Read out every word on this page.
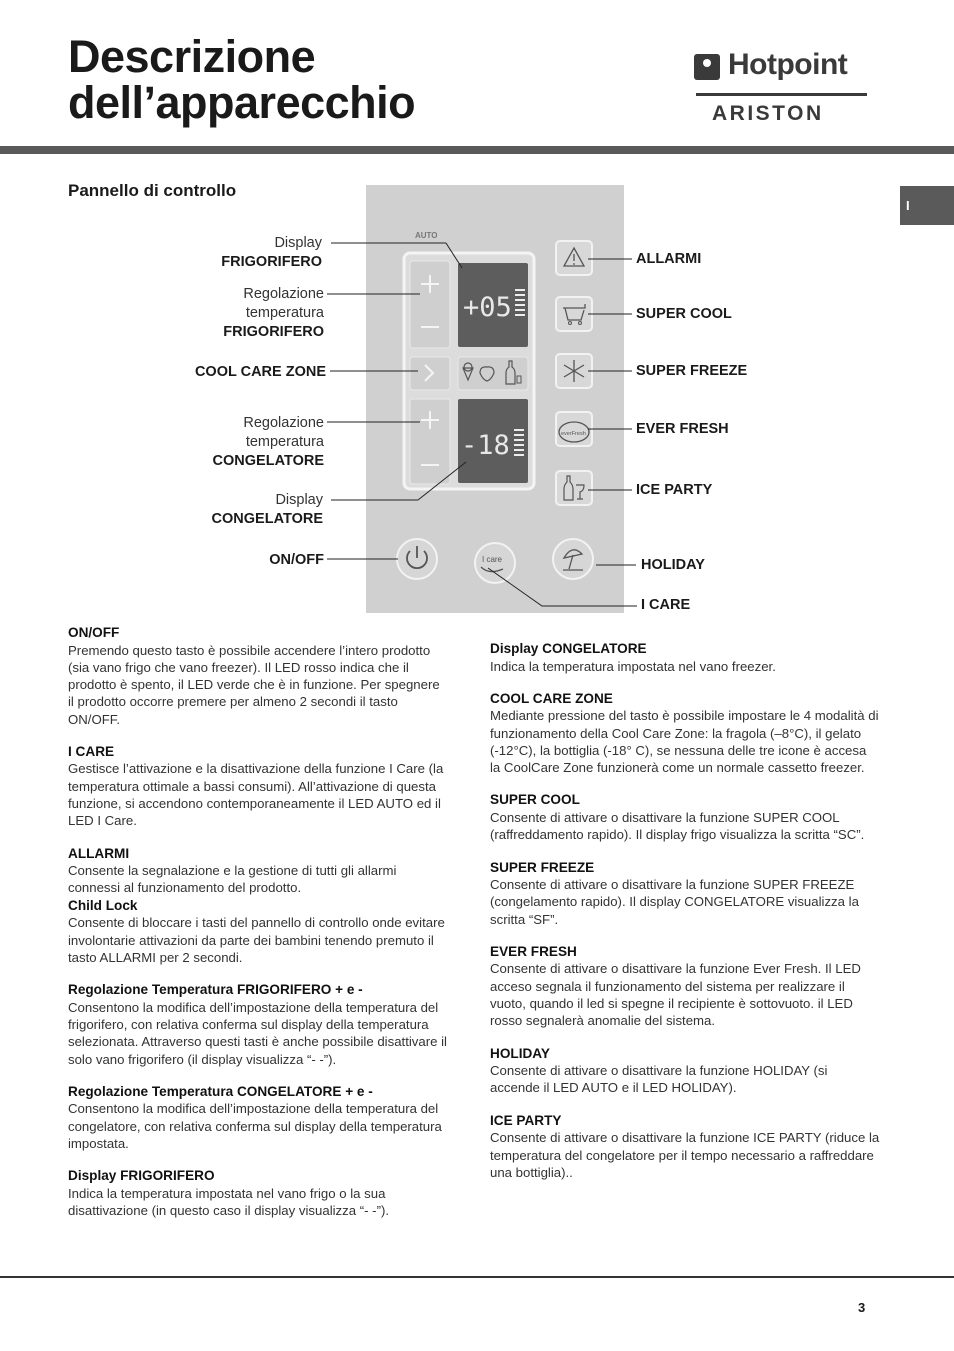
Descrizione
dell’apparecchio
Hotpoint
ARISTON
I
Pannello di controllo
AUTO
+05
-18	everFresh
I care
Display
FRIGORIFERO
Regolazione
temperatura
FRIGORIFERO
COOL CARE ZONE
Regolazione
temperatura
CONGELATORE
Display
CONGELATORE
ON/OFF
ALLARMI
SUPER COOL
SUPER FREEZE
EVER FRESH
ICE PARTY
HOLIDAY
I CARE
ON/OFF

Premendo questo tasto è possibile accendere l’intero prodotto (sia vano frigo che vano freezer). Il LED rosso indica che il prodotto è spento, il LED verde che è in funzione. Per spegnere il prodotto occorre premere per almeno 2 secondi il tasto ON/OFF.

I CARE

Gestisce l’attivazione e la disattivazione della funzione I Care (la temperatura ottimale a bassi consumi). All’attivazione di questa funzione, si accendono contemporaneamente il LED AUTO ed il LED I Care.

ALLARMI

Consente la segnalazione e la gestione di tutti gli allarmi connessi al funzionamento del prodotto.

Child Lock

Consente di bloccare i tasti del pannello di controllo onde evitare involontarie attivazioni da parte dei bambini tenendo premuto il tasto ALLARMI per 2 secondi.

Regolazione Temperatura FRIGORIFERO + e -

Consentono la modifica dell’impostazione della temperatura del frigorifero, con relativa conferma sul display della temperatura selezionata. Attraverso questi tasti è anche possibile disattivare il solo vano frigorifero (il display visualizza “- -”).

Regolazione Temperatura CONGELATORE + e -

Consentono la modifica dell’impostazione della temperatura del congelatore, con relativa conferma sul display della temperatura impostata.

Display FRIGORIFERO

Indica la temperatura impostata nel vano frigo o la sua disattivazione (in questo caso il display visualizza “- -”).

Display CONGELATORE

Indica la temperatura impostata nel vano freezer.

COOL CARE ZONE

Mediante pressione del tasto è possibile impostare le 4 modalità di funzionamento della Cool Care Zone: la fragola (–8°C), il gelato (-12°C), la bottiglia (-18° C), se nessuna delle tre icone è accesa la CoolCare Zone funzionerà come un normale cassetto freezer.

SUPER COOL

Consente di attivare o disattivare la funzione SUPER COOL (raffreddamento rapido). Il display frigo visualizza la scritta “SC”.

SUPER FREEZE

Consente di attivare o disattivare la funzione SUPER FREEZE (congelamento rapido). Il display CONGELATORE visualizza la scritta “SF”.

EVER FRESH

Consente di attivare o disattivare la funzione Ever Fresh. Il LED acceso segnala il funzionamento del sistema per realizzare il vuoto, quando il led si spegne il recipiente è sottovuoto. il LED rosso segnalerà anomalie del sistema.

HOLIDAY

Consente di attivare o disattivare la funzione HOLIDAY (si accende il LED AUTO e il LED HOLIDAY).

ICE PARTY

Consente di attivare o disattivare la funzione ICE PARTY (riduce la temperatura del congelatore per il tempo necessario a raffreddare una bottiglia)..

3
